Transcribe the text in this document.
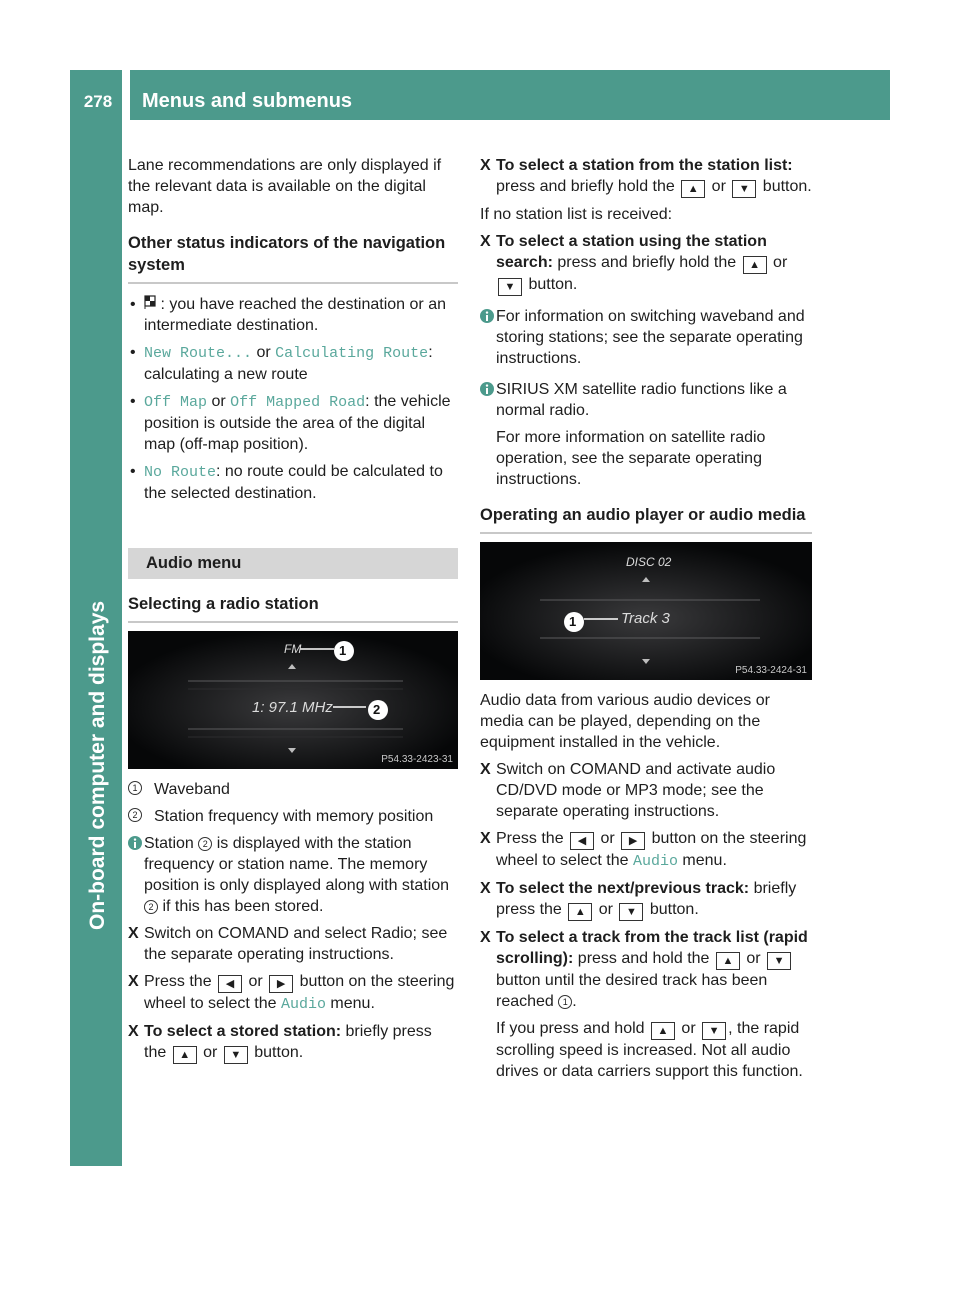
278	Menus and submenus

Lane recommendations are only displayed if the relevant data is available on the digital map.

Other status indicators of the navigation system

• : you have reached the destination or an intermediate destination.

• New Route... or Calculating Route: calculating a new route

• Off Map or Off Mapped Road: the vehicle position is outside the area of the digital map (off-map position).

• No Route: no route could be calculated to the selected destination.

Audio menu
Selecting a radio station
FM
1: 97.1 MHz
1
2
P54.33-2423-31

1 Waveband

2 Station frequency with memory position

Station 2 is displayed with the station frequency or station name. The memory position is only displayed along with station 2 if this has been stored.

X Switch on COMAND and select Radio; see the separate operating instructions.

X Press the ◀ or ▶ button on the steering wheel to select the Audio menu.

X To select a stored station: briefly press the ▲ or ▼ button.

X To select a station from the station list: press and briefly hold the ▲ or ▼ button.

If no station list is received:

X To select a station using the station search: press and briefly hold the ▲ or ▼ button.

For information on switching waveband and storing stations; see the separate operating instructions.

SIRIUS XM satellite radio functions like a normal radio.

For more information on satellite radio operation, see the separate operating instructions.

Operating an audio player or audio media
DISC 02
Track 3
1
P54.33-2424-31

Audio data from various audio devices or media can be played, depending on the equipment installed in the vehicle.

X Switch on COMAND and activate audio CD/DVD mode or MP3 mode; see the separate operating instructions.

X Press the ◀ or ▶ button on the steering wheel to select the Audio menu.

X To select the next/previous track: briefly press the ▲ or ▼ button.

X To select a track from the track list (rapid scrolling): press and hold the ▲ or ▼ button until the desired track has been reached 1 .

If you press and hold ▲ or ▼ , the rapid scrolling speed is increased. Not all audio drives or data carriers support this function.
